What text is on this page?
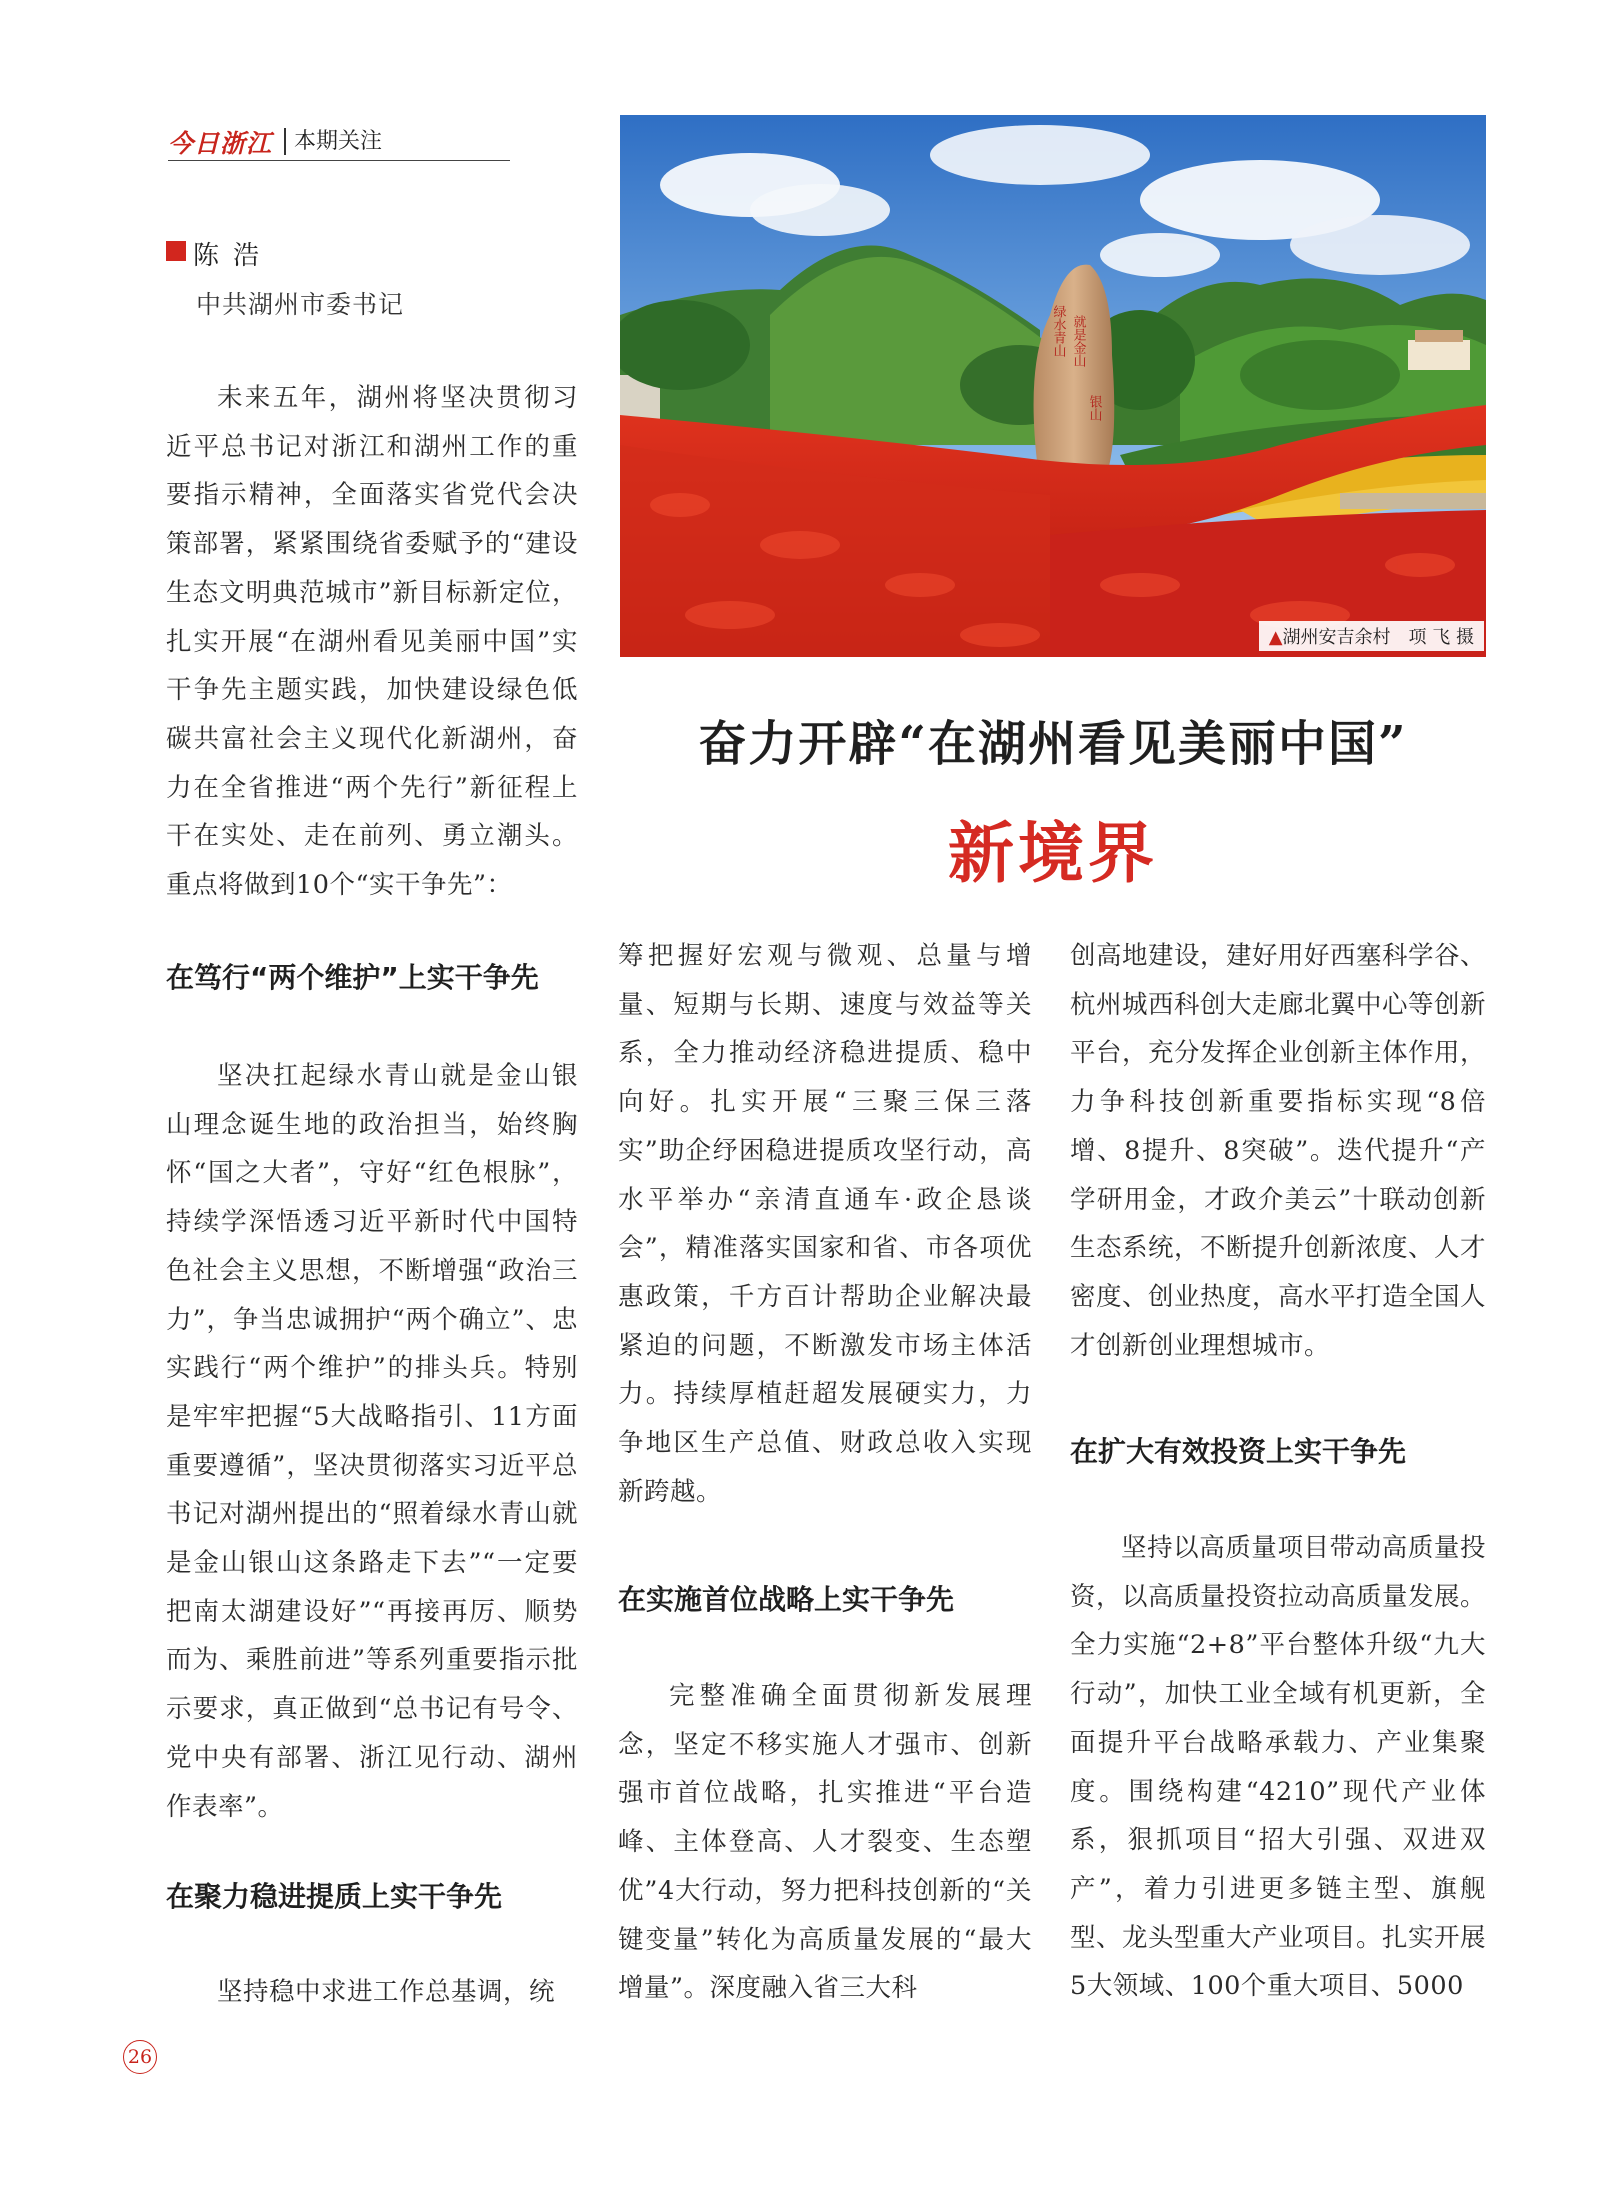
今日浙江 本期关注
陈浩
中共湖州市委书记
绿水青山 就是金山
银山
▲湖州安吉余村　项 飞 摄
奋力开辟“在湖州看见美丽中国”
新境界
未来五年，湖州将坚决贯彻习近平总书记对浙江和湖州工作的重要指示精神，全面落实省党代会决策部署，紧紧围绕省委赋予的“建设生态文明典范城市”新目标新定位，扎实开展“在湖州看见美丽中国”实干争先主题实践，加快建设绿色低碳共富社会主义现代化新湖州，奋力在全省推进“两个先行”新征程上干在实处、走在前列、勇立潮头。重点将做到10个“实干争先”：
在笃行“两个维护”上实干争先
坚决扛起绿水青山就是金山银山理念诞生地的政治担当，始终胸怀“国之大者”，守好“红色根脉”，持续学深悟透习近平新时代中国特色社会主义思想，不断增强“政治三力”，争当忠诚拥护“两个确立”、忠实践行“两个维护”的排头兵。特别是牢牢把握“5大战略指引、11方面重要遵循”，坚决贯彻落实习近平总书记对湖州提出的“照着绿水青山就是金山银山这条路走下去”“一定要把南太湖建设好”“再接再厉、顺势而为、乘胜前进”等系列重要指示批示要求，真正做到“总书记有号令、党中央有部署、浙江见行动、湖州作表率”。
在聚力稳进提质上实干争先
坚持稳中求进工作总基调，统
筹把握好宏观与微观、总量与增量、短期与长期、速度与效益等关系，全力推动经济稳进提质、稳中向好。扎实开展“三聚三保三落实”助企纾困稳进提质攻坚行动，高水平举办“亲清直通车·政企恳谈会”，精准落实国家和省、市各项优惠政策，千方百计帮助企业解决最紧迫的问题，不断激发市场主体活力。持续厚植赶超发展硬实力，力争地区生产总值、财政总收入实现新跨越。
在实施首位战略上实干争先
完整准确全面贯彻新发展理念，坚定不移实施人才强市、创新强市首位战略，扎实推进“平台造峰、主体登高、人才裂变、生态塑优”4大行动，努力把科技创新的“关键变量”转化为高质量发展的“最大增量”。深度融入省三大科
创高地建设，建好用好西塞科学谷、杭州城西科创大走廊北翼中心等创新平台，充分发挥企业创新主体作用，力争科技创新重要指标实现“8倍增、8提升、8突破”。迭代提升“产学研用金，才政介美云”十联动创新生态系统，不断提升创新浓度、人才密度、创业热度，高水平打造全国人才创新创业理想城市。
在扩大有效投资上实干争先
坚持以高质量项目带动高质量投资，以高质量投资拉动高质量发展。全力实施“2+8”平台整体升级“九大行动”，加快工业全域有机更新，全面提升平台战略承载力、产业集聚度。围绕构建“4210”现代产业体系，狠抓项目“招大引强、双进双产”，着力引进更多链主型、旗舰型、龙头型重大产业项目。扎实开展5大领域、100个重大项目、5000
26
